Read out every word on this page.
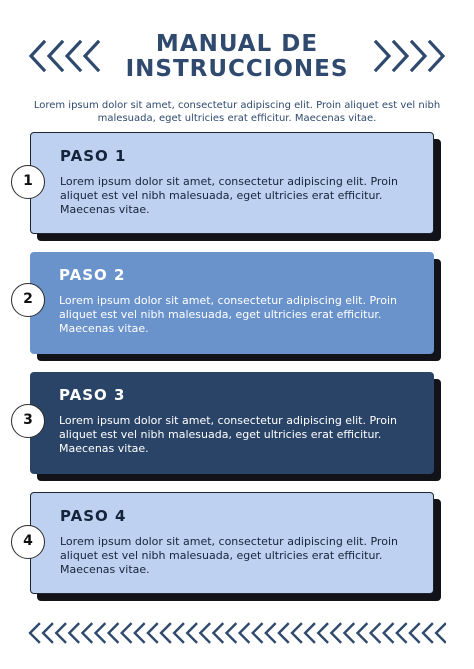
MANUAL DE
INSTRUCCIONES

Lorem ipsum dolor sit amet, consectetur adipiscing elit. Proin aliquet est vel nibh malesuada, eget ultricies erat efficitur. Maecenas vitae.

PASO 1

Lorem ipsum dolor sit amet, consectetur adipiscing elit. Proin aliquet est vel nibh malesuada, eget ultricies erat efficitur. Maecenas vitae.

1
PASO 2

Lorem ipsum dolor sit amet, consectetur adipiscing elit. Proin aliquet est vel nibh malesuada, eget ultricies erat efficitur. Maecenas vitae.

2
PASO 3

Lorem ipsum dolor sit amet, consectetur adipiscing elit. Proin aliquet est vel nibh malesuada, eget ultricies erat efficitur. Maecenas vitae.

3
PASO 4

Lorem ipsum dolor sit amet, consectetur adipiscing elit. Proin aliquet est vel nibh malesuada, eget ultricies erat efficitur. Maecenas vitae.

4
